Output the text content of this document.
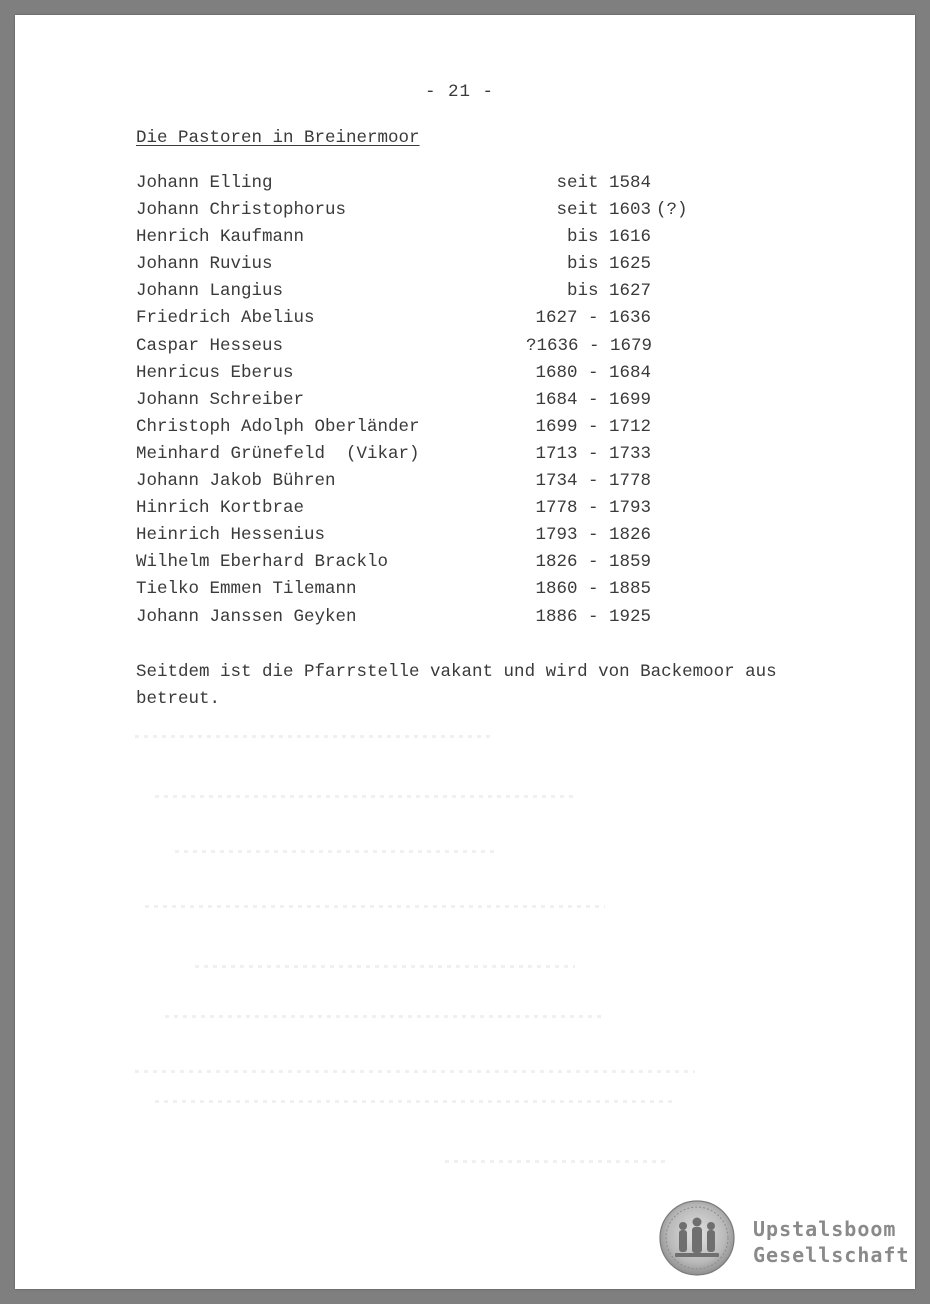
- 21 -
Die Pastoren in Breinermoor
Johann Elling	seit 1584
Johann Christophorus	seit 1603 (?)
Henrich Kaufmann	bis 1616
Johann Ruvius	bis 1625
Johann Langius	bis 1627
Friedrich Abelius	1627 - 1636
Caspar Hesseus	?1636 - 1679
Henricus Eberus	1680 - 1684
Johann Schreiber	1684 - 1699
Christoph Adolph Oberländer	1699 - 1712
Meinhard Grünefeld  (Vikar)	1713 - 1733
Johann Jakob Bühren	1734 - 1778
Hinrich Kortbrae	1778 - 1793
Heinrich Hessenius	1793 - 1826
Wilhelm Eberhard Bracklo	1826 - 1859
Tielko Emmen Tilemann	1860 - 1885
Johann Janssen Geyken	1886 - 1925
Seitdem ist die Pfarrstelle vakant und wird von Backemoor aus betreut.
Upstalsboom
Gesellschaft
